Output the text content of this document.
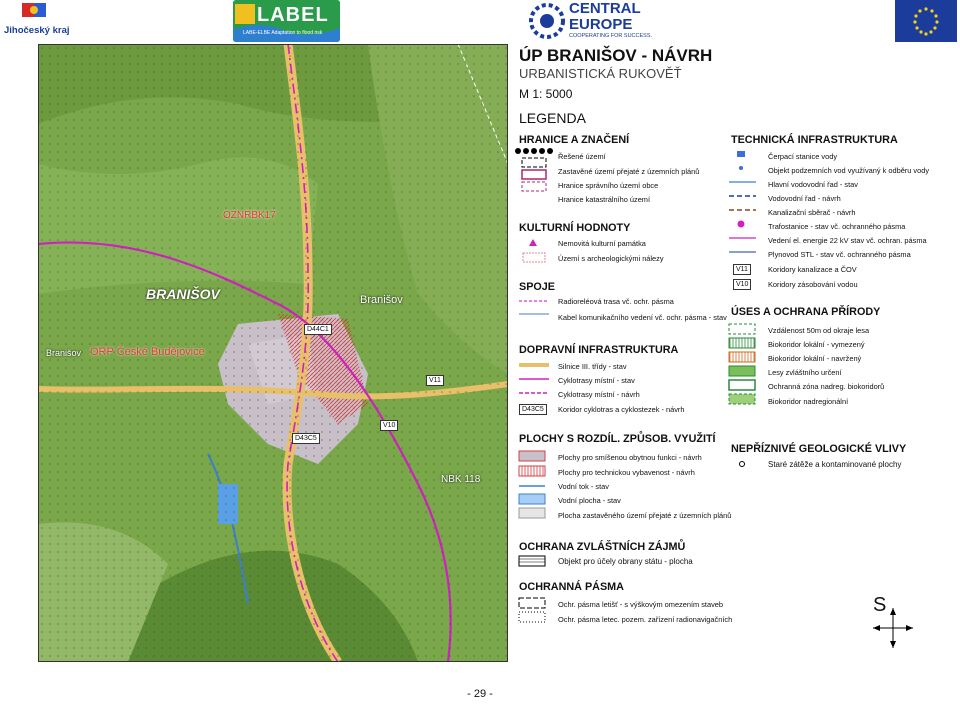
Jihočeský kraj
LABEL
LABE-ELBE Adaptation to flood risk
CENTRAL
EUROPE
COOPERATING FOR SUCCESS.
OZNRBK17
BRANIŠOV	Branišov
Branišov ORP České Budějovice
NBK 118
D44C1
D43C5
V11
V10
ÚP BRANIŠOV - NÁVRH
URBANISTICKÁ RUKOVĚŤ
M 1: 5000
LEGENDA
HRANICE A ZNAČENÍ
Řešené území
Zastavěné území přejaté z územních plánů
Hranice správního území obce
Hranice katastrálního území
KULTURNÍ HODNOTY
Nemovitá kulturní památka
Území s archeologickými nálezy
SPOJE
Radioreléová trasa vč. ochr. pásma
Kabel komunikačního vedení vč. ochr. pásma - stav
DOPRAVNÍ INFRASTRUKTURA
D43C5
Silnice III. třídy - stav
Cyklotrasy místní - stav
Cyklotrasy místní - návrh
Koridor cyklotras a cyklostezek - návrh
PLOCHY S ROZDÍL. ZPŮSOB. VYUŽITÍ
Plochy pro smíšenou obytnou funkci - návrh
Plochy pro technickou vybavenost - návrh
Vodní tok - stav
Vodní plocha - stav
Plocha zastavěného území přejaté z územních plánů
OCHRANA ZVLÁŠTNÍCH ZÁJMŮ
Objekt pro účely obrany státu - plocha
OCHRANNÁ PÁSMA
Ochr. pásma letišť - s výškovým omezením staveb
Ochr. pásma letec. pozem. zařízení radionavigačních
TECHNICKÁ INFRASTRUKTURA
V11
V10
Čerpací stanice vody
Objekt podzemních vod využívaný k odběru vody
Hlavní vodovodní řad - stav
Vodovodní řad - návrh
Kanalizační sběrač - návrh
Trafostanice - stav vč. ochranného pásma
Vedení el. energie 22 kV stav vč. ochran. pásma
Plynovod STL - stav vč. ochranného pásma
Koridory kanalizace a ČOV
Koridory zásobování vodou
ÚSES A OCHRANA PŘÍRODY
Vzdálenost 50m od okraje lesa
Biokoridor lokální - vymezený
Biokoridor lokální - navržený
Lesy zvláštního určení
Ochranná zóna nadreg. biokoridorů
Biokoridor nadregionální
NEPŘÍZNIVÉ GEOLOGICKÉ VLIVY
Staré zátěže a kontaminované plochy
S
- 29 -
